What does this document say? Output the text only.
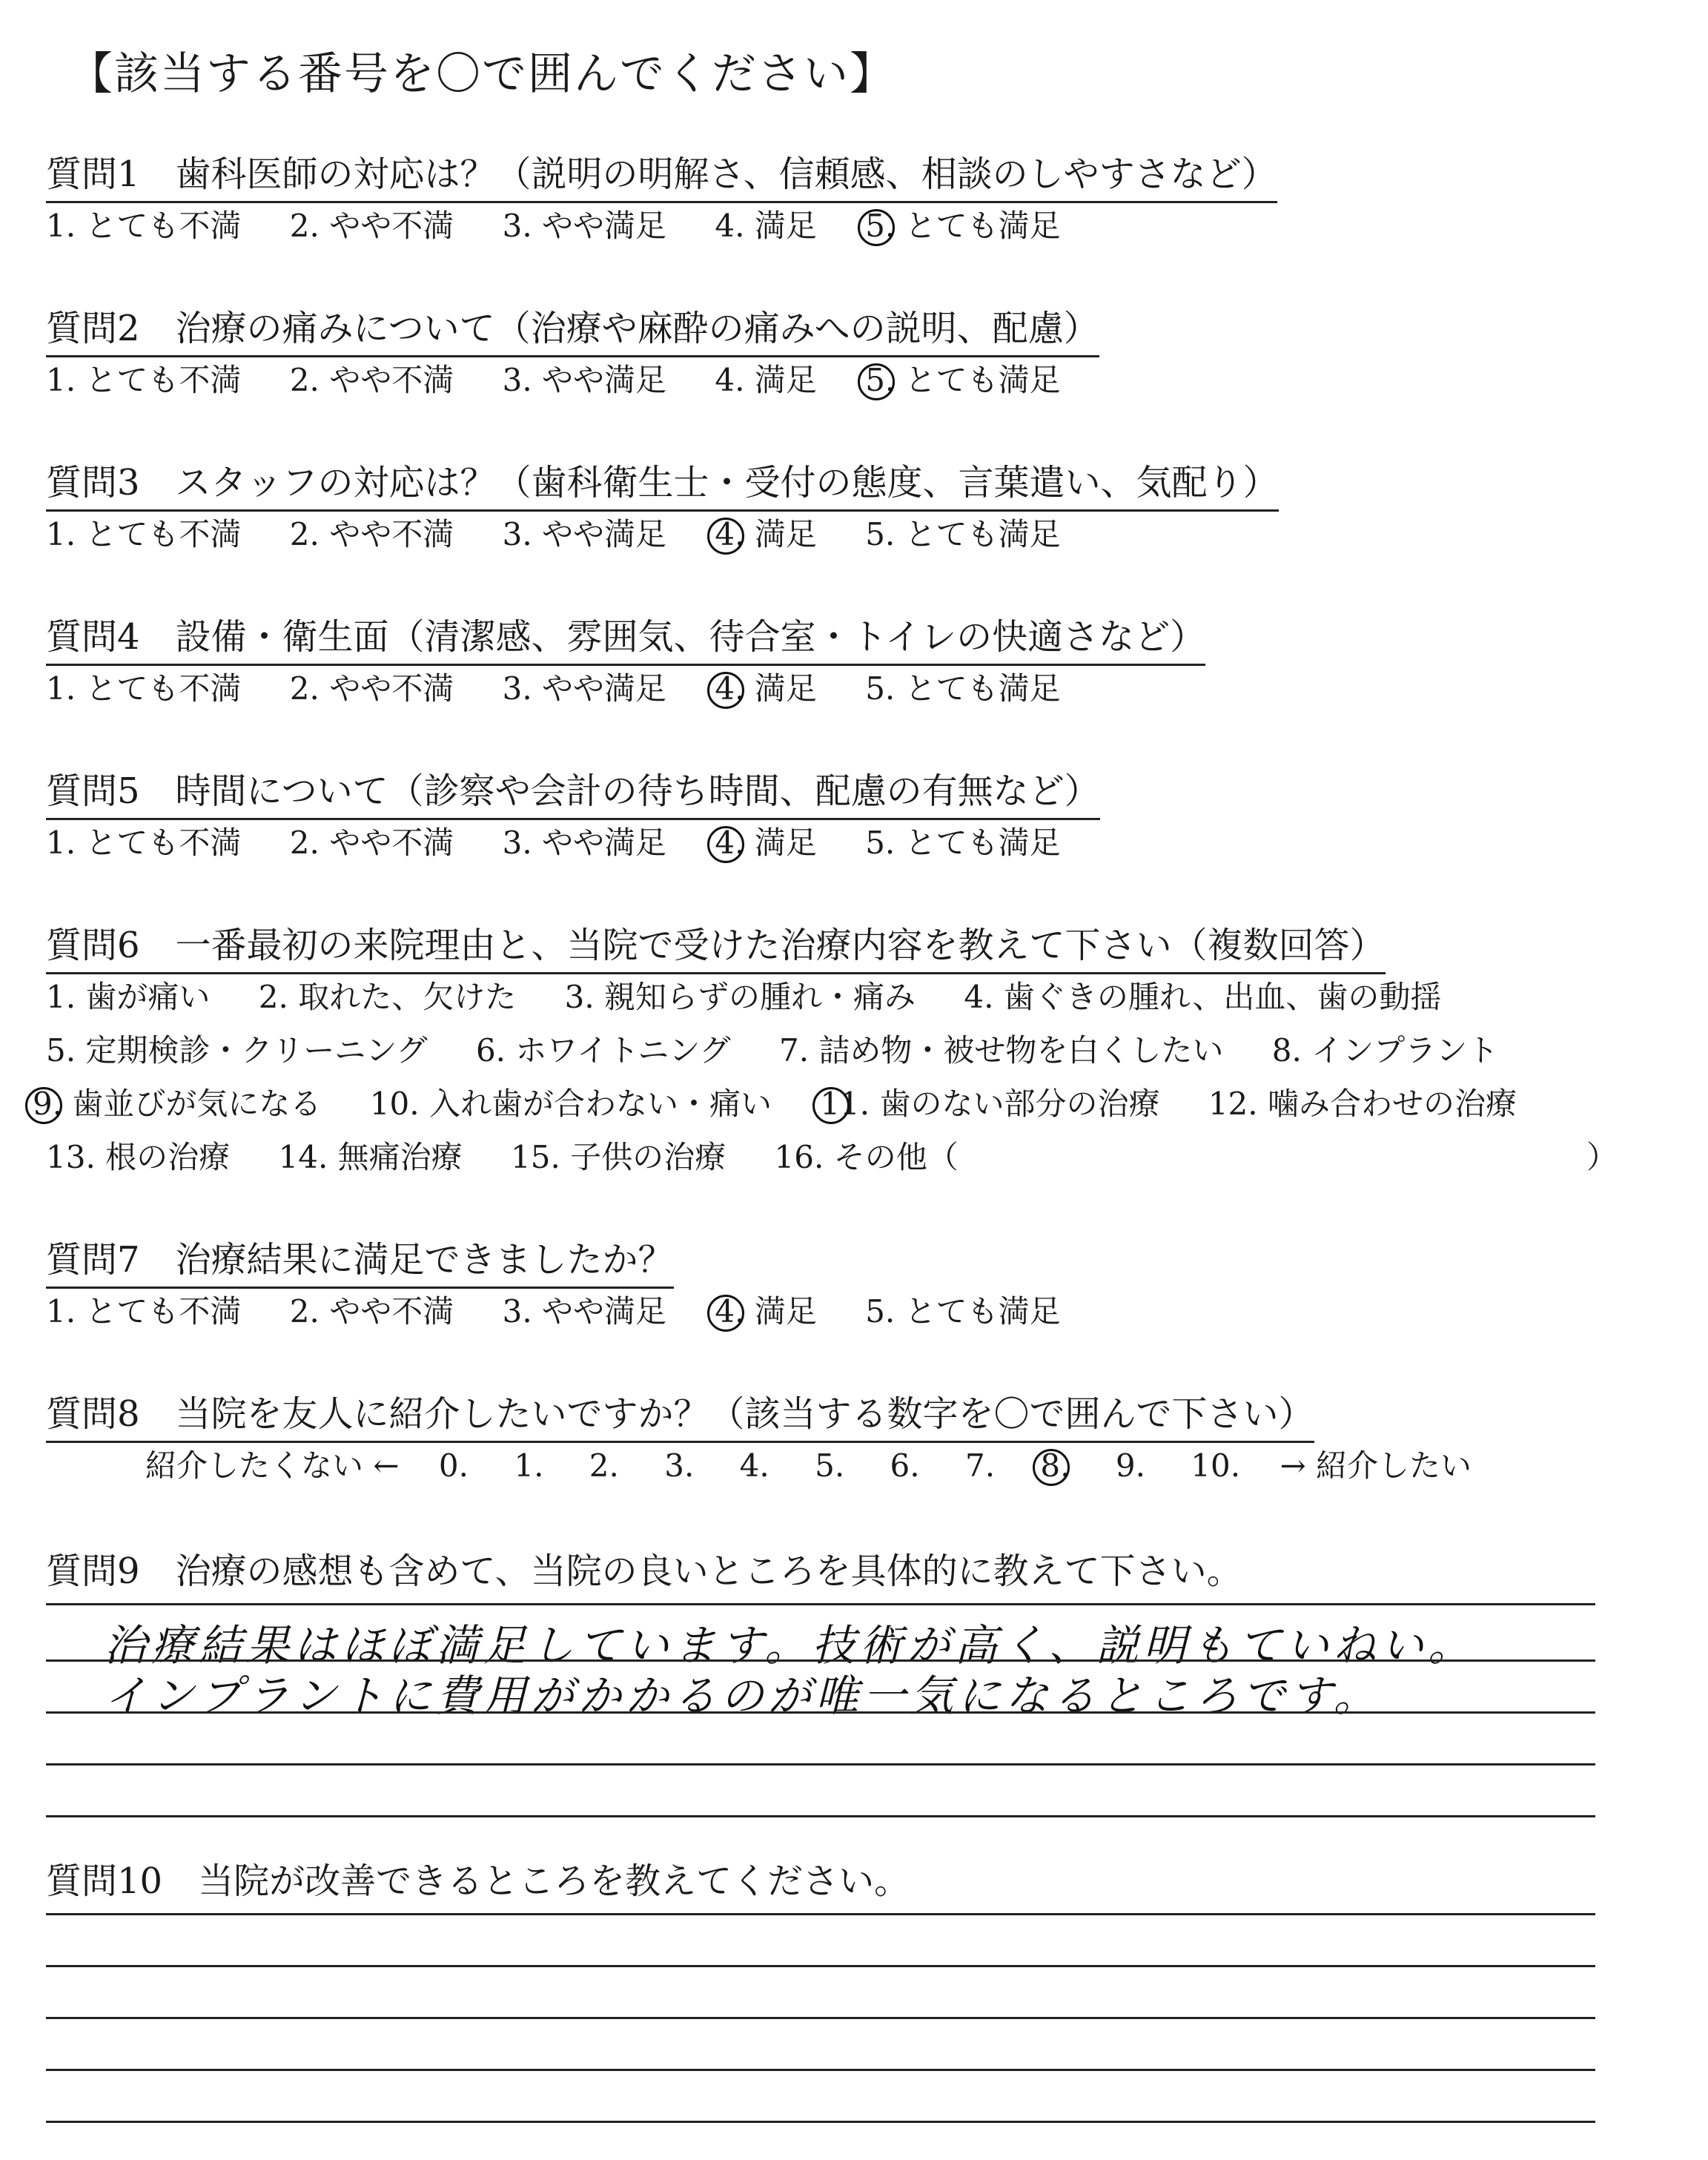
【該当する番号を〇で囲んでください】
質問1　歯科医師の対応は？（説明の明解さ、信頼感、相談のしやすさなど）
1. とても不満 2. やや不満 3. やや満足 4. 満足 5. とても満足
質問2　治療の痛みについて（治療や麻酔の痛みへの説明、配慮）
1. とても不満 2. やや不満 3. やや満足 4. 満足 5. とても満足
質問3　スタッフの対応は？（歯科衛生士・受付の態度、言葉遣い、気配り）
1. とても不満 2. やや不満 3. やや満足 4. 満足 5. とても満足
質問4　設備・衛生面（清潔感、雰囲気、待合室・トイレの快適さなど）
1. とても不満 2. やや不満 3. やや満足 4. 満足 5. とても満足
質問5　時間について（診察や会計の待ち時間、配慮の有無など）
1. とても不満 2. やや不満 3. やや満足 4. 満足 5. とても満足
質問6　一番最初の来院理由と、当院で受けた治療内容を教えて下さい（複数回答）
1. 歯が痛い 2. 取れた、欠けた 3. 親知らずの腫れ・痛み 4. 歯ぐきの腫れ、出血、歯の動揺
5. 定期検診・クリーニング 6. ホワイトニング 7. 詰め物・被せ物を白くしたい 8. インプラント
9. 歯並びが気になる 10. 入れ歯が合わない・痛い 11. 歯のない部分の治療 12. 噛み合わせの治療
13. 根の治療 14. 無痛治療 15. 子供の治療 16. その他（	）
質問7　治療結果に満足できましたか？
1. とても不満 2. やや不満 3. やや満足 4. 満足 5. とても満足
質問8　当院を友人に紹介したいですか？（該当する数字を〇で囲んで下さい）
紹介したくない ← 0. 1. 2. 3. 4. 5. 6. 7. 8. 9. 10. → 紹介したい
質問9　治療の感想も含めて、当院の良いところを具体的に教えて下さい。
治療結果はほぼ満足しています。技術が高く、説明もていねい。
インプラントに費用がかかるのが唯一気になるところです。
質問10　当院が改善できるところを教えてください。
